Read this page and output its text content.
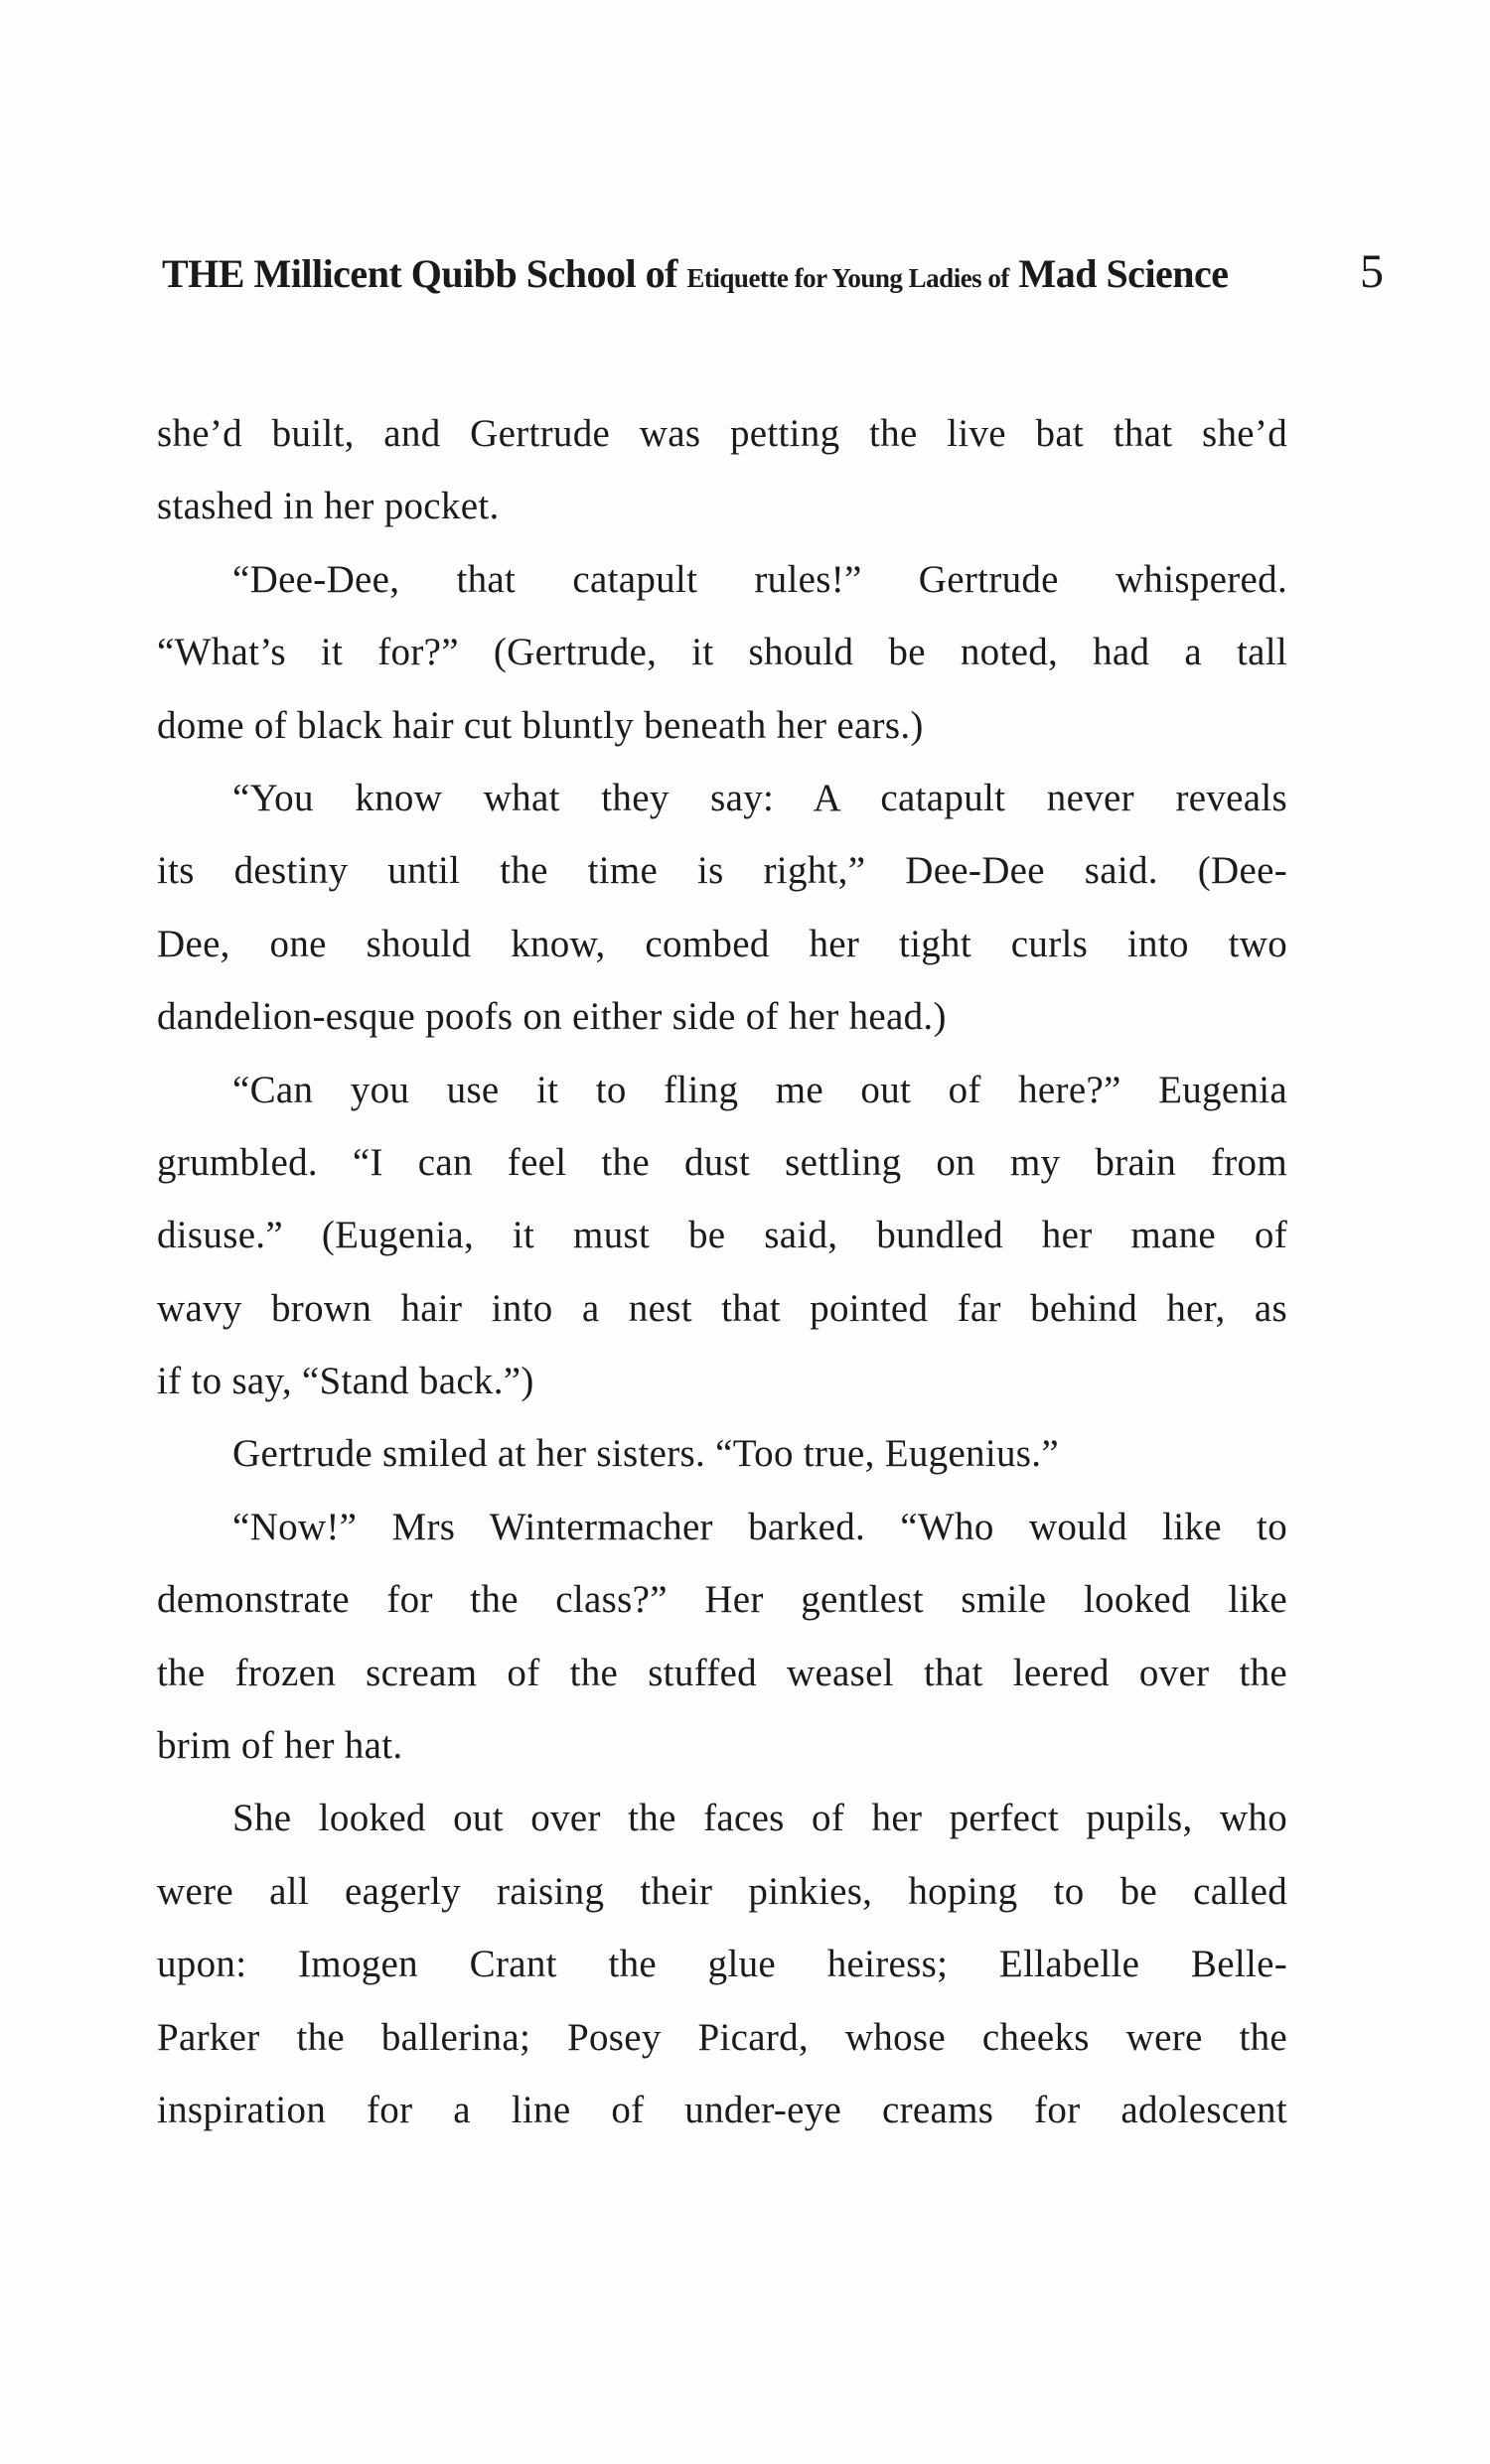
THE Millicent Quibb School of Etiquette for Young Ladies of Mad Science	5
she’d built, and Gertrude was petting the live bat that she’d
stashed in her pocket.
“Dee-Dee, that catapult rules!” Gertrude whispered.
“What’s it for?” (Gertrude, it should be noted, had a tall
dome of black hair cut bluntly beneath her ears.)
“You know what they say: A catapult never reveals
its destiny until the time is right,” Dee-Dee said. (Dee-
Dee, one should know, combed her tight curls into two
dandelion-esque poofs on either side of her head.)
“Can you use it to fling me out of here?” Eugenia
grumbled. “I can feel the dust settling on my brain from
disuse.” (Eugenia, it must be said, bundled her mane of
wavy brown hair into a nest that pointed far behind her, as
if to say, “Stand back.”)
Gertrude smiled at her sisters. “Too true, Eugenius.”
“Now!” Mrs Wintermacher barked. “Who would like to
demonstrate for the class?” Her gentlest smile looked like
the frozen scream of the stuffed weasel that leered over the
brim of her hat.
She looked out over the faces of her perfect pupils, who
were all eagerly raising their pinkies, hoping to be called
upon: Imogen Crant the glue heiress; Ellabelle Belle-
Parker the ballerina; Posey Picard, whose cheeks were the
inspiration for a line of under-eye creams for adolescent
